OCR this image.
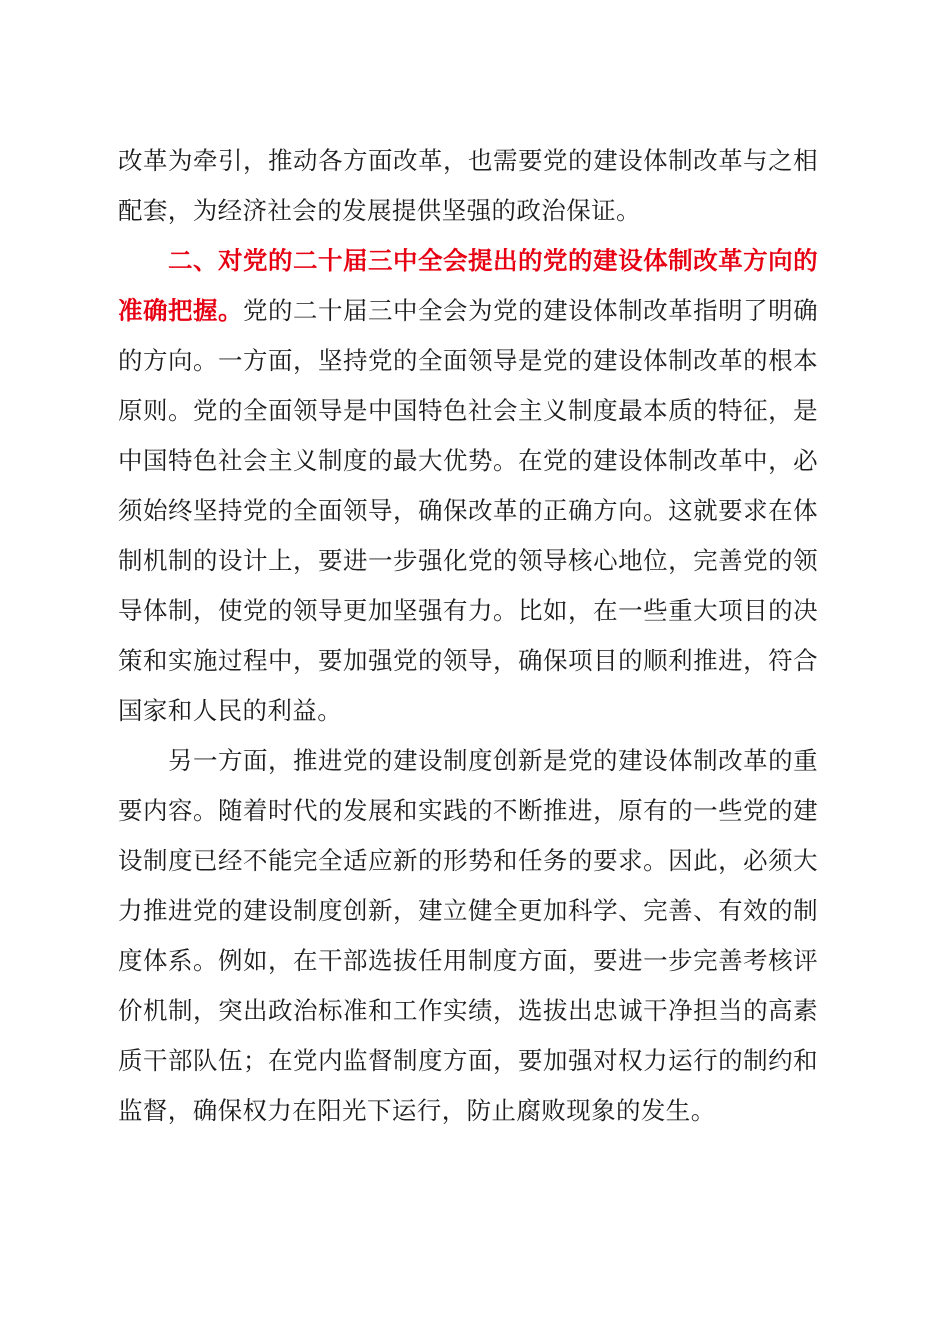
改革为牵引，推动各方面改革，也需要党的建设体制改革与之相
配套，为经济社会的发展提供坚强的政治保证。
二、对党的二十届三中全会提出的党的建设体制改革方向的
准确把握。党的二十届三中全会为党的建设体制改革指明了明确
的方向。一方面，坚持党的全面领导是党的建设体制改革的根本
原则。党的全面领导是中国特色社会主义制度最本质的特征，是
中国特色社会主义制度的最大优势。在党的建设体制改革中，必
须始终坚持党的全面领导，确保改革的正确方向。这就要求在体
制机制的设计上，要进一步强化党的领导核心地位，完善党的领
导体制，使党的领导更加坚强有力。比如，在一些重大项目的决
策和实施过程中，要加强党的领导，确保项目的顺利推进，符合
国家和人民的利益。
另一方面，推进党的建设制度创新是党的建设体制改革的重
要内容。随着时代的发展和实践的不断推进，原有的一些党的建
设制度已经不能完全适应新的形势和任务的要求。因此，必须大
力推进党的建设制度创新，建立健全更加科学、完善、有效的制
度体系。例如，在干部选拔任用制度方面，要进一步完善考核评
价机制，突出政治标准和工作实绩，选拔出忠诚干净担当的高素
质干部队伍；在党内监督制度方面，要加强对权力运行的制约和
监督，确保权力在阳光下运行，防止腐败现象的发生。
